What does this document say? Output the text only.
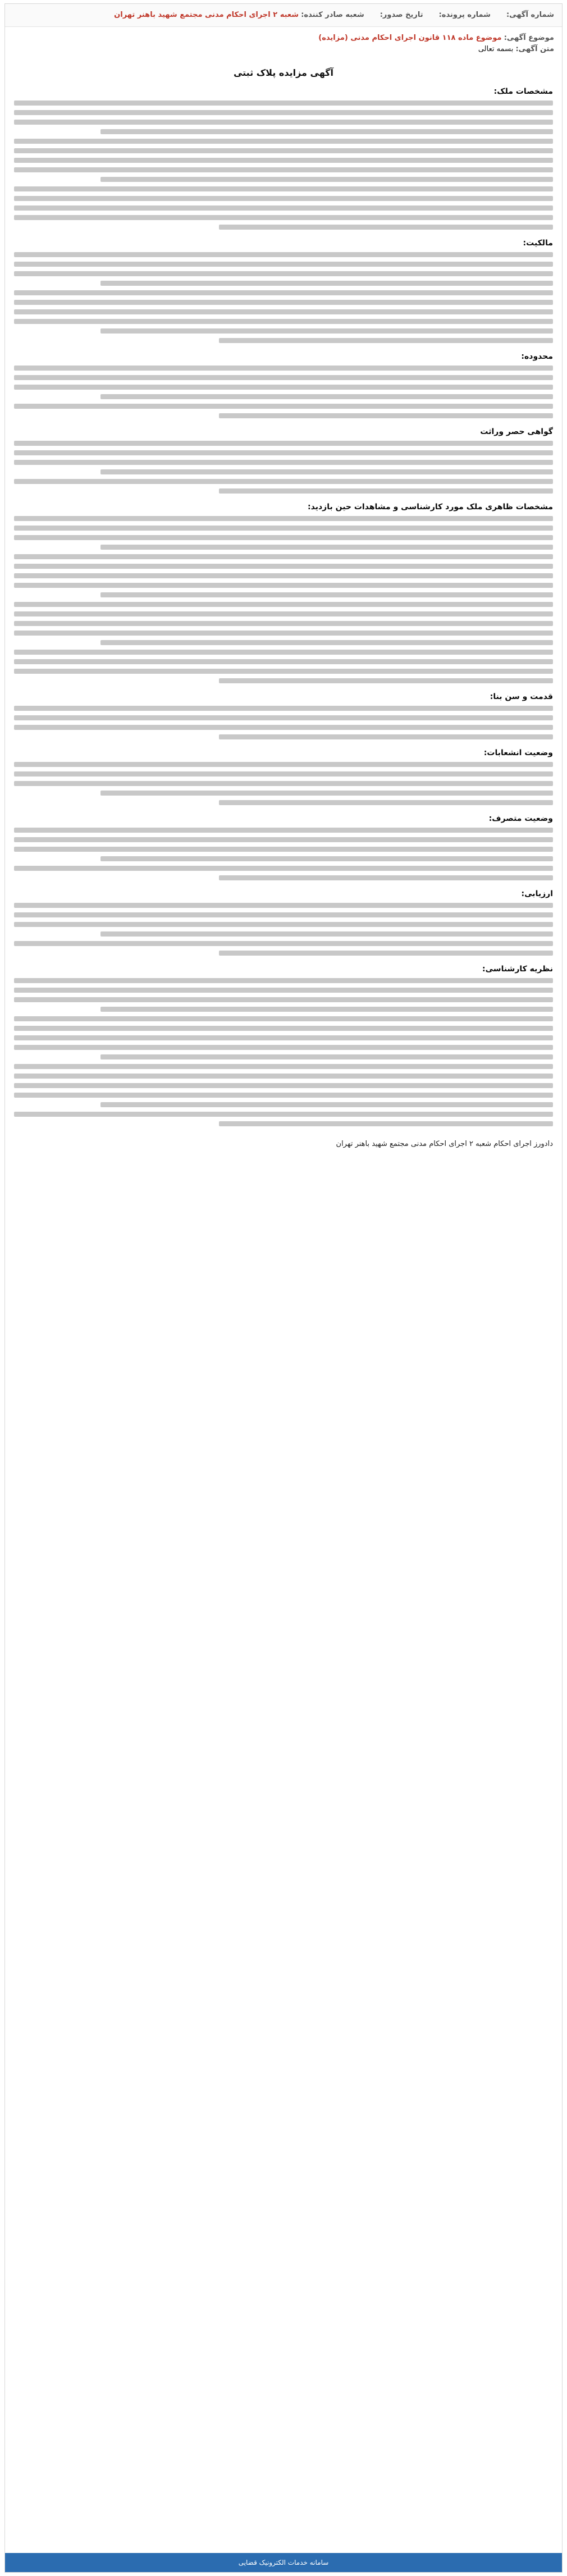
شماره آگهی:
شماره پرونده:
تاریخ صدور:
شعبه صادر کننده: شعبه ۲ اجرای احکام مدنی مجتمع شهید باهنر تهران
موضوع آگهی: موضوع ماده ۱۱۸ قانون اجرای احکام مدنی (مزایده)
متن آگهی: بسمه تعالی
آگهی مزایده پلاک ثبتی
مشخصات ملک:
مالکیت:
محدوده:
گواهی حصر وراثت
مشخصات ظاهری ملک مورد کارشناسی و مشاهدات حین بازدید:
قدمت و سن بنا:
وضعیت انشعابات:
وضعیت متصرف:
ارزیابی:
نظریه کارشناسی:
دادورز اجرای احکام شعبه ۲ اجرای احکام مدنی مجتمع شهید باهنر تهران
سامانه خدمات الکترونیک قضایی
